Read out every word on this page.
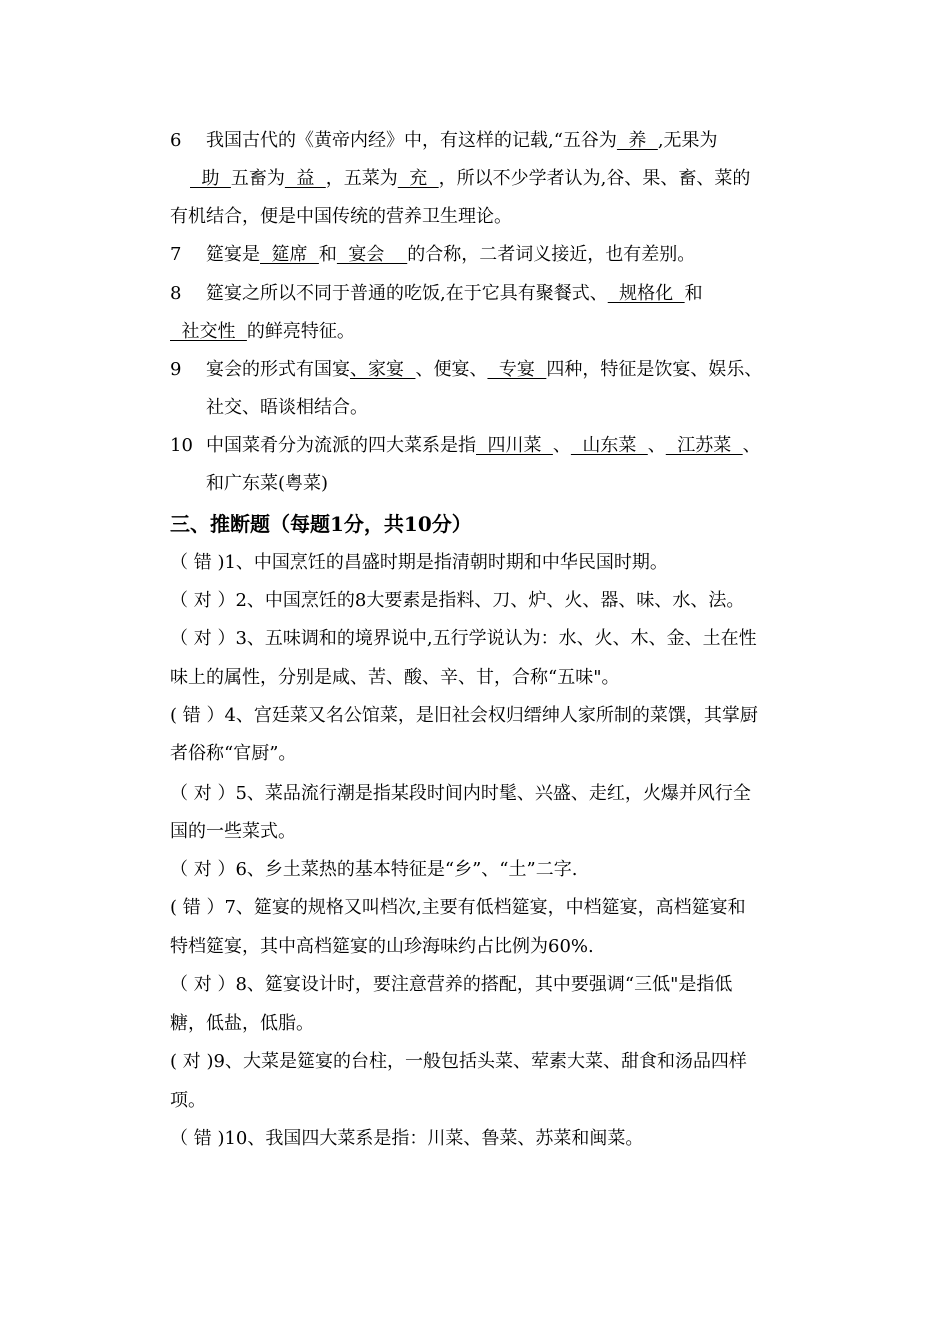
6 我国古代的《黄帝内经》中，有这样的记载,“五谷为  养  ,无果为
助  五畜为  益  ，五菜为  充  ，所以不少学者认为,谷、果、畜、菜的
有机结合，便是中国传统的营养卫生理论。
7 筵宴是  筵席  和  宴会    的合称，二者词义接近，也有差别。
8 筵宴之所以不同于普通的吃饭,在于它具有聚餐式、  规格化  和
社交性  的鲜亮特征。
9 宴会的形式有国宴、家宴  、便宴、  专宴  四种，特征是饮宴、娱乐、
社交、晤谈相结合。
10 中国菜肴分为流派的四大菜系是指  四川菜  、  山东菜  、  江苏菜  、
和广东菜(粤菜)
三、推断题（每题1分，共10分）
（ 错 )1、中国烹饪的昌盛时期是指清朝时期和中华民国时期。
（ 对 ）2、中国烹饪的8大要素是指料、刀、炉、火、器、味、水、法。
（ 对 ）3、五味调和的境界说中,五行学说认为：水、火、木、金、土在性
味上的属性，分别是咸、苦、酸、辛、甘，合称“五味"。
( 错 ）4、宫廷菜又名公馆菜，是旧社会权归缙绅人家所制的菜馔，其掌厨
者俗称“官厨”。
（ 对 ）5、菜品流行潮是指某段时间内时髦、兴盛、走红，火爆并风行全
国的一些菜式。
（ 对 ）6、乡土菜热的基本特征是“乡”、“土”二字.
( 错 ）7、筵宴的规格又叫档次,主要有低档筵宴，中档筵宴，高档筵宴和
特档筵宴，其中高档筵宴的山珍海味约占比例为60%.
（ 对 ）8、筵宴设计时，要注意营养的搭配，其中要强调“三低"是指低
糖，低盐，低脂。
( 对 )9、大菜是筵宴的台柱，一般包括头菜、荤素大菜、甜食和汤品四样
项。
（ 错 )10、我国四大菜系是指：川菜、鲁菜、苏菜和闽菜。
